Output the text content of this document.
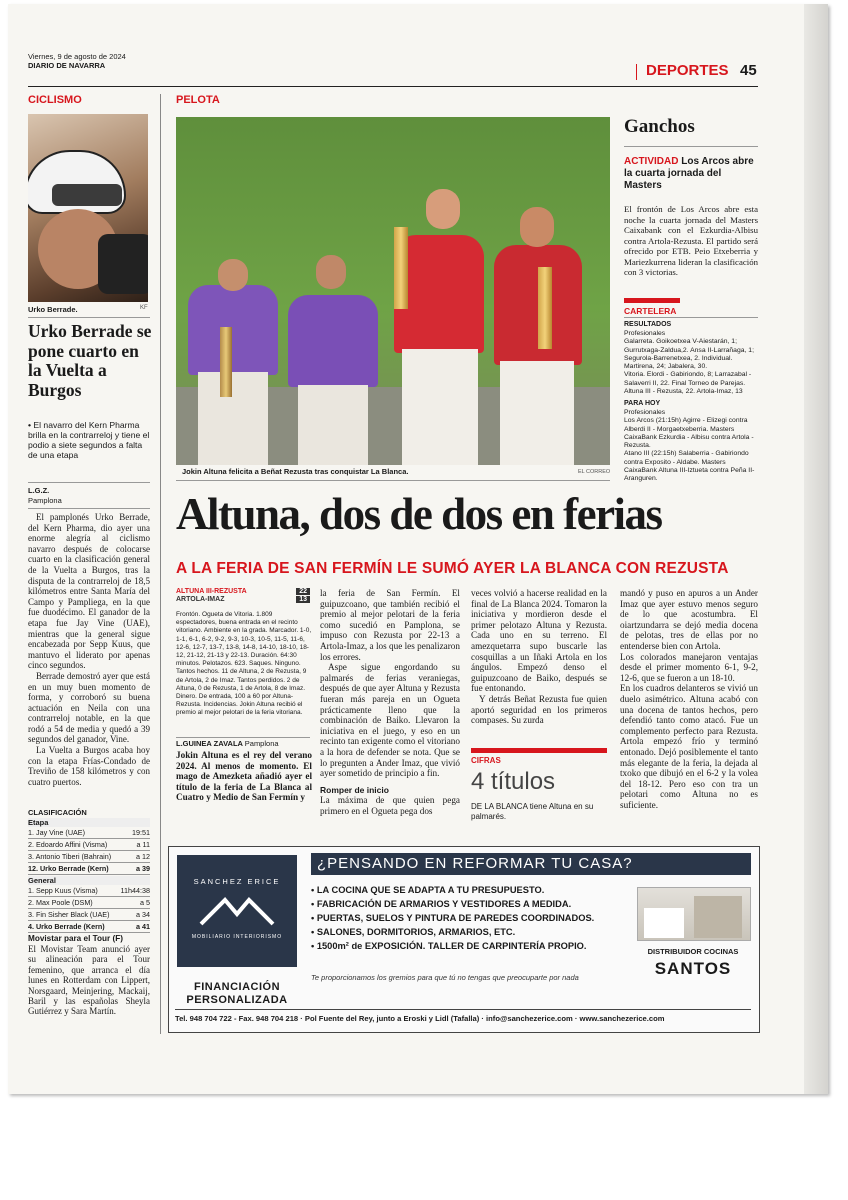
Viernes, 9 de agosto de 2024
DIARIO DE NAVARRA	DEPORTES 45
CICLISMO
Urko Berrade.	KF
Urko Berrade se pone cuarto en la Vuelta a Burgos
• El navarro del Kern Pharma brilla en la contrarreloj y tiene el podio a siete segundos a falta de una etapa
L.G.Z.
Pamplona

El pamplonés Urko Berrade, del Kern Pharma, dio ayer una enorme alegría al ciclismo navarro después de colocarse cuarto en la clasificación general de la Vuelta a Burgos, tras la disputa de la contrarreloj de 18,5 kilómetros entre Santa María del Campo y Pampliega, en la que fue duodécimo. El ganador de la etapa fue Jay Vine (UAE), mientras que la general sigue encabezada por Sepp Kuus, que mantuvo el liderato por apenas cinco segundos.

Berrade demostró ayer que está en un muy buen momento de forma, y corroboró su buena actuación en Neila con una contrarreloj notable, en la que rodó a 54 de media y quedó a 39 segundos del ganador, Vine.

La Vuelta a Burgos acaba hoy con la etapa Frías-Condado de Treviño de 158 kilómetros y con cuatro puertos.

CLASIFICACIÓN
Etapa
1. Jay Vine (UAE)	19:51
2. Edoardo Affini (Visma)	a 11
3. Antonio Tiberi (Bahrain)	a 12
12. Urko Berrade (Kern)	a 39
General
1. Sepp Kuus (Visma)	11h44:38
2. Max Poole (DSM)	a 5
3. Fin Sisher Black (UAE)	a 34
4. Urko Berrade (Kern)	a 41
Movistar para el Tour (F)
El Movistar Team anunció ayer su alineación para el Tour femenino, que arranca el día lunes en Rotterdam con Lippert, Norsgaard, Meinjering, Mackaij, Baril y las españolas Sheyla Gutiérrez y Sara Martín.
PELOTA
Jokin Altuna felicita a Beñat Rezusta tras conquistar La Blanca.	EL CORREO
Altuna, dos de dos en ferias
A LA FERIA DE SAN FERMÍN LE SUMÓ AYER LA BLANCA CON REZUSTA
ALTUNA III-REZUSTA	22
ARTOLA-IMAZ	13
Frontón. Ogueta de Vitoria. 1.809 espectadores, buena entrada en el recinto vitoriano. Ambiente en la grada. Marcador. 1-0, 1-1, 6-1, 6-2, 9-2, 9-3, 10-3, 10-5, 11-5, 11-6, 12-6, 12-7, 13-7, 13-8, 14-8, 14-10, 18-10, 18-12, 21-12, 21-13 y 22-13. Duración. 64:30 minutos. Pelotazos. 623. Saques. Ninguno. Tantos hechos. 11 de Altuna, 2 de Rezusta, 9 de Artola, 2 de Imaz. Tantos perdidos. 2 de Altuna, 0 de Rezusta, 1 de Artola, 8 de Imaz. Dinero. De entrada, 100 a 60 por Altuna-Rezusta. Incidencias. Jokin Altuna recibió el premio al mejor pelotari de la feria vitoriana.
L.GUINEA ZAVALA Pamplona
Jokin Altuna es el rey del verano 2024. Al menos de momento. El mago de Amezketa añadió ayer el título de la feria de La Blanca al Cuatro y Medio de San Fermín y

la feria de San Fermín. El guipuzcoano, que también recibió el premio al mejor pelotari de la feria como sucedió en Pamplona, se impuso con Rezusta por 22-13 a Artola-Imaz, a los que les penalizaron los errores.

Aspe sigue engordando su palmarés de ferias veraniegas, después de que ayer Altuna y Rezusta fueran más pareja en un Ogueta prácticamente lleno que la combinación de Baiko. Llevaron la iniciativa en el juego, y eso en un recinto tan exigente como el vitoriano a la hora de defender se nota. Que se lo pregunten a Ander Imaz, que vivió ayer sometido de principio a fin.

Romper de inicio

La máxima de que quien pega primero en el Ogueta pega dos

veces volvió a hacerse realidad en la final de La Blanca 2024. Tomaron la iniciativa y mordieron desde el primer pelotazo Altuna y Rezusta. Cada uno en su terreno. El amezquetarra supo buscarle las cosquillas a un Iñaki Artola en los ángulos. Empezó denso el guipuzcoano de Baiko, después se fue entonando.

Y detrás Beñat Rezusta fue quien aportó seguridad en los primeros compases. Su zurda

CIFRAS
4 títulos
DE LA BLANCA tiene Altuna en su palmarés.
mandó y puso en apuros a un Ander Imaz que ayer estuvo menos seguro de lo que acostumbra. El oiartzundarra se dejó media docena de pelotas, tres de ellas por no entenderse bien con Artola.
Los colorados manejaron ventajas desde el primer momento 6-1, 9-2, 12-6, que se fueron a un 18-10.
En los cuadros delanteros se vivió un duelo asimétrico. Altuna acabó con una docena de tantos hechos, pero defendió tanto como atacó. Fue un complemento perfecto para Rezusta. Artola empezó frío y terminó entonado. Dejó posiblemente el tanto más elegante de la feria, la dejada al txoko que dibujó en el 6-2 y la volea del 18-12. Pero eso con tra un pelotari como Altuna no es suficiente.
Ganchos
ACTIVIDAD Los Arcos abre la cuarta jornada del Masters
El frontón de Los Arcos abre esta noche la cuarta jornada del Masters Caixabank con el Ezkurdia-Albisu contra Artola-Rezusta. El partido será ofrecido por ETB. Peio Etxeberria y Mariezkurrena lideran la clasificación con 3 victorias.
CARTELERA
RESULTADOS
Profesionales
Galarreta. Goikoetxea V-Aiestarán, 1; Gurrutxaga-Zaldua,2. Ansa II-Larrañaga, 1; Segurola-Barrenetxea, 2. Individual. Martirena, 24; Jabalera, 30.
Vitoria. Elordi - Gabiriondo, 8; Larrazabal - Salaverri II, 22. Final Torneo de Parejas. Altuna III - Rezusta, 22. Artola-Imaz, 13
PARA HOY
Profesionales
Los Arcos (21:15h) Agirre - Elizegi contra Alberdi II - Morgaetxeberria. Masters CaixaBank Ezkurdia - Albisu contra Artola - Rezusta.
Atano III (22:15h) Salaberria - Gabiriondo contra Exposito - Aldabe. Masters CaixaBank Altuna III-Iztueta contra Peña II-Aranguren.
SANCHEZ ERICE
MOBILIARIO INTERIORISMO
FINANCIACIÓN PERSONALIZADA
¿PENSANDO EN REFORMAR TU CASA?
• LA COCINA QUE SE ADAPTA A TU PRESUPUESTO.
• FABRICACIÓN DE ARMARIOS Y VESTIDORES A MEDIDA.
• PUERTAS, SUELOS Y PINTURA DE PAREDES COORDINADOS.
• SALONES, DORMITORIOS, ARMARIOS, ETC.
• 1500m² de EXPOSICIÓN. TALLER DE CARPINTERÍA PROPIO.
DISTRIBUIDOR COCINAS
SANTOS
Te proporcionamos los gremios para que tú no tengas que preocuparte por nada
Tel. 948 704 722 - Fax. 948 704 218 · Pol Fuente del Rey, junto a Eroski y Lidl (Tafalla) · info@sanchezerice.com · www.sanchezerice.com
